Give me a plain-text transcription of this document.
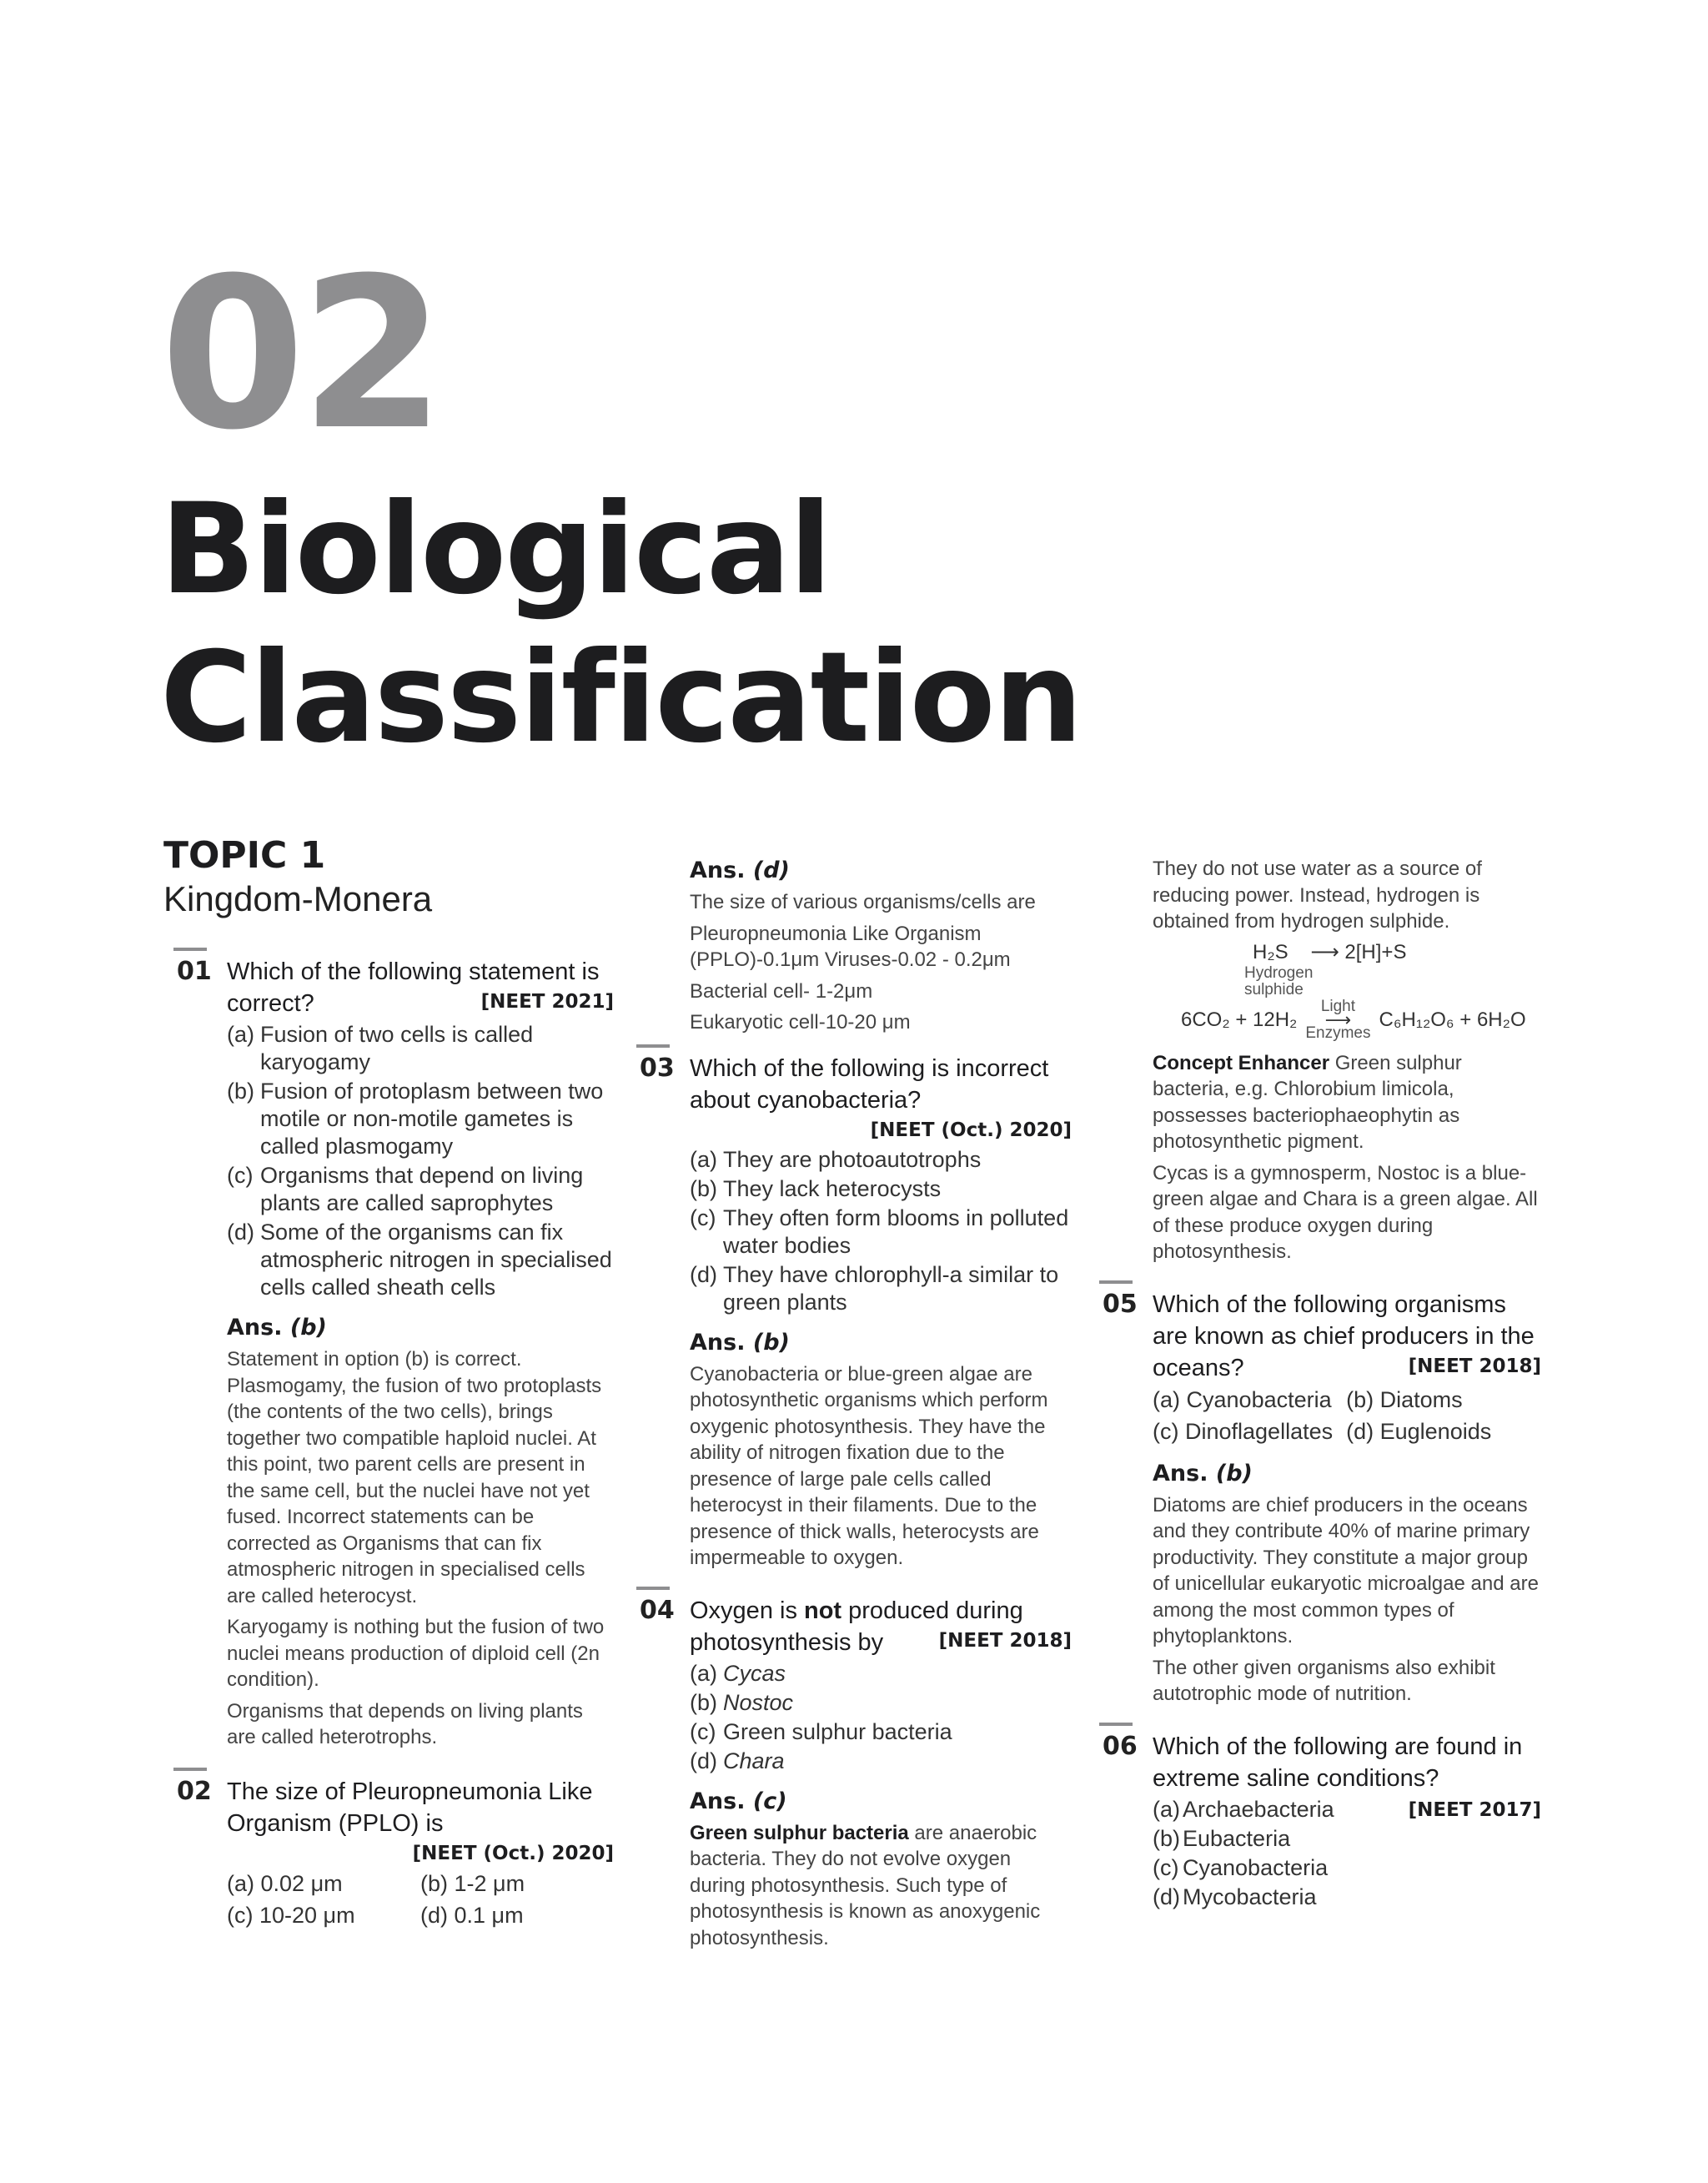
02
Biological
Classification
TOPIC 1
Kingdom-Monera
01 Which of the following statement is correct?	[NEET 2021]
(a) Fusion of two cells is called karyogamy
(b) Fusion of protoplasm between two motile or non-motile gametes is called plasmogamy
(c) Organisms that depend on living plants are called saprophytes
(d) Some of the organisms can fix atmospheric nitrogen in specialised cells called sheath cells
Ans. (b)
Statement in option (b) is correct. Plasmogamy, the fusion of two protoplasts (the contents of the two cells), brings together two compatible haploid nuclei. At this point, two parent cells are present in the same cell, but the nuclei have not yet fused. Incorrect statements can be corrected as Organisms that can fix atmospheric nitrogen in specialised cells are called heterocyst.
Karyogamy is nothing but the fusion of two nuclei means production of diploid cell (2n condition).
Organisms that depends on living plants are called heterotrophs.
02 The size of Pleuropneumonia Like Organism (PPLO) is
[NEET (Oct.) 2020]
(a) 0.02 μm	(b) 1-2 μm
(c) 10-20 μm	(d) 0.1 μm
Ans. (d)
The size of various organisms/cells are
Pleuropneumonia Like Organism (PPLO)-0.1μm Viruses-0.02 - 0.2μm
Bacterial cell- 1-2μm
Eukaryotic cell-10-20 μm
03 Which of the following is incorrect about cyanobacteria?
[NEET (Oct.) 2020]
(a) They are photoautotrophs
(b) They lack heterocysts
(c) They often form blooms in polluted water bodies
(d) They have chlorophyll-a similar to green plants
Ans. (b)
Cyanobacteria or blue-green algae are photosynthetic organisms which perform oxygenic photosynthesis. They have the ability of nitrogen fixation due to the presence of large pale cells called heterocyst in their filaments. Due to the presence of thick walls, heterocysts are impermeable to oxygen.
04 Oxygen is not produced during photosynthesis by	[NEET 2018]
(a) Cycas
(b) Nostoc
(c) Green sulphur bacteria
(d) Chara
Ans. (c)
Green sulphur bacteria are anaerobic bacteria. They do not evolve oxygen during photosynthesis. Such type of photosynthesis is known as anoxygenic photosynthesis.
They do not use water as a source of reducing power. Instead, hydrogen is obtained from hydrogen sulphide.
H₂S    ⟶ 2[H]+S
Hydrogen
sulphide
6CO₂ + 12H₂
Light
⟶
Enzymes
C₆H₁₂O₆ + 6H₂O
Concept Enhancer Green sulphur bacteria, e.g. Chlorobium limicola, possesses bacteriophaeophytin as photosynthetic pigment.
Cycas is a gymnosperm, Nostoc is a blue-green algae and Chara is a green algae. All of these produce oxygen during photosynthesis.
05 Which of the following organisms are known as chief producers in the oceans?	[NEET 2018]
(a) Cyanobacteria (b) Diatoms
(c) Dinoflagellates (d) Euglenoids
Ans. (b)
Diatoms are chief producers in the oceans and they contribute 40% of marine primary productivity. They constitute a major group of unicellular eukaryotic microalgae and are among the most common types of phytoplanktons.
The other given organisms also exhibit autotrophic mode of nutrition.
06 Which of the following are found in extreme saline conditions?
(a) Archaebacteria	[NEET 2017]
(b) Eubacteria
(c) Cyanobacteria
(d) Mycobacteria
